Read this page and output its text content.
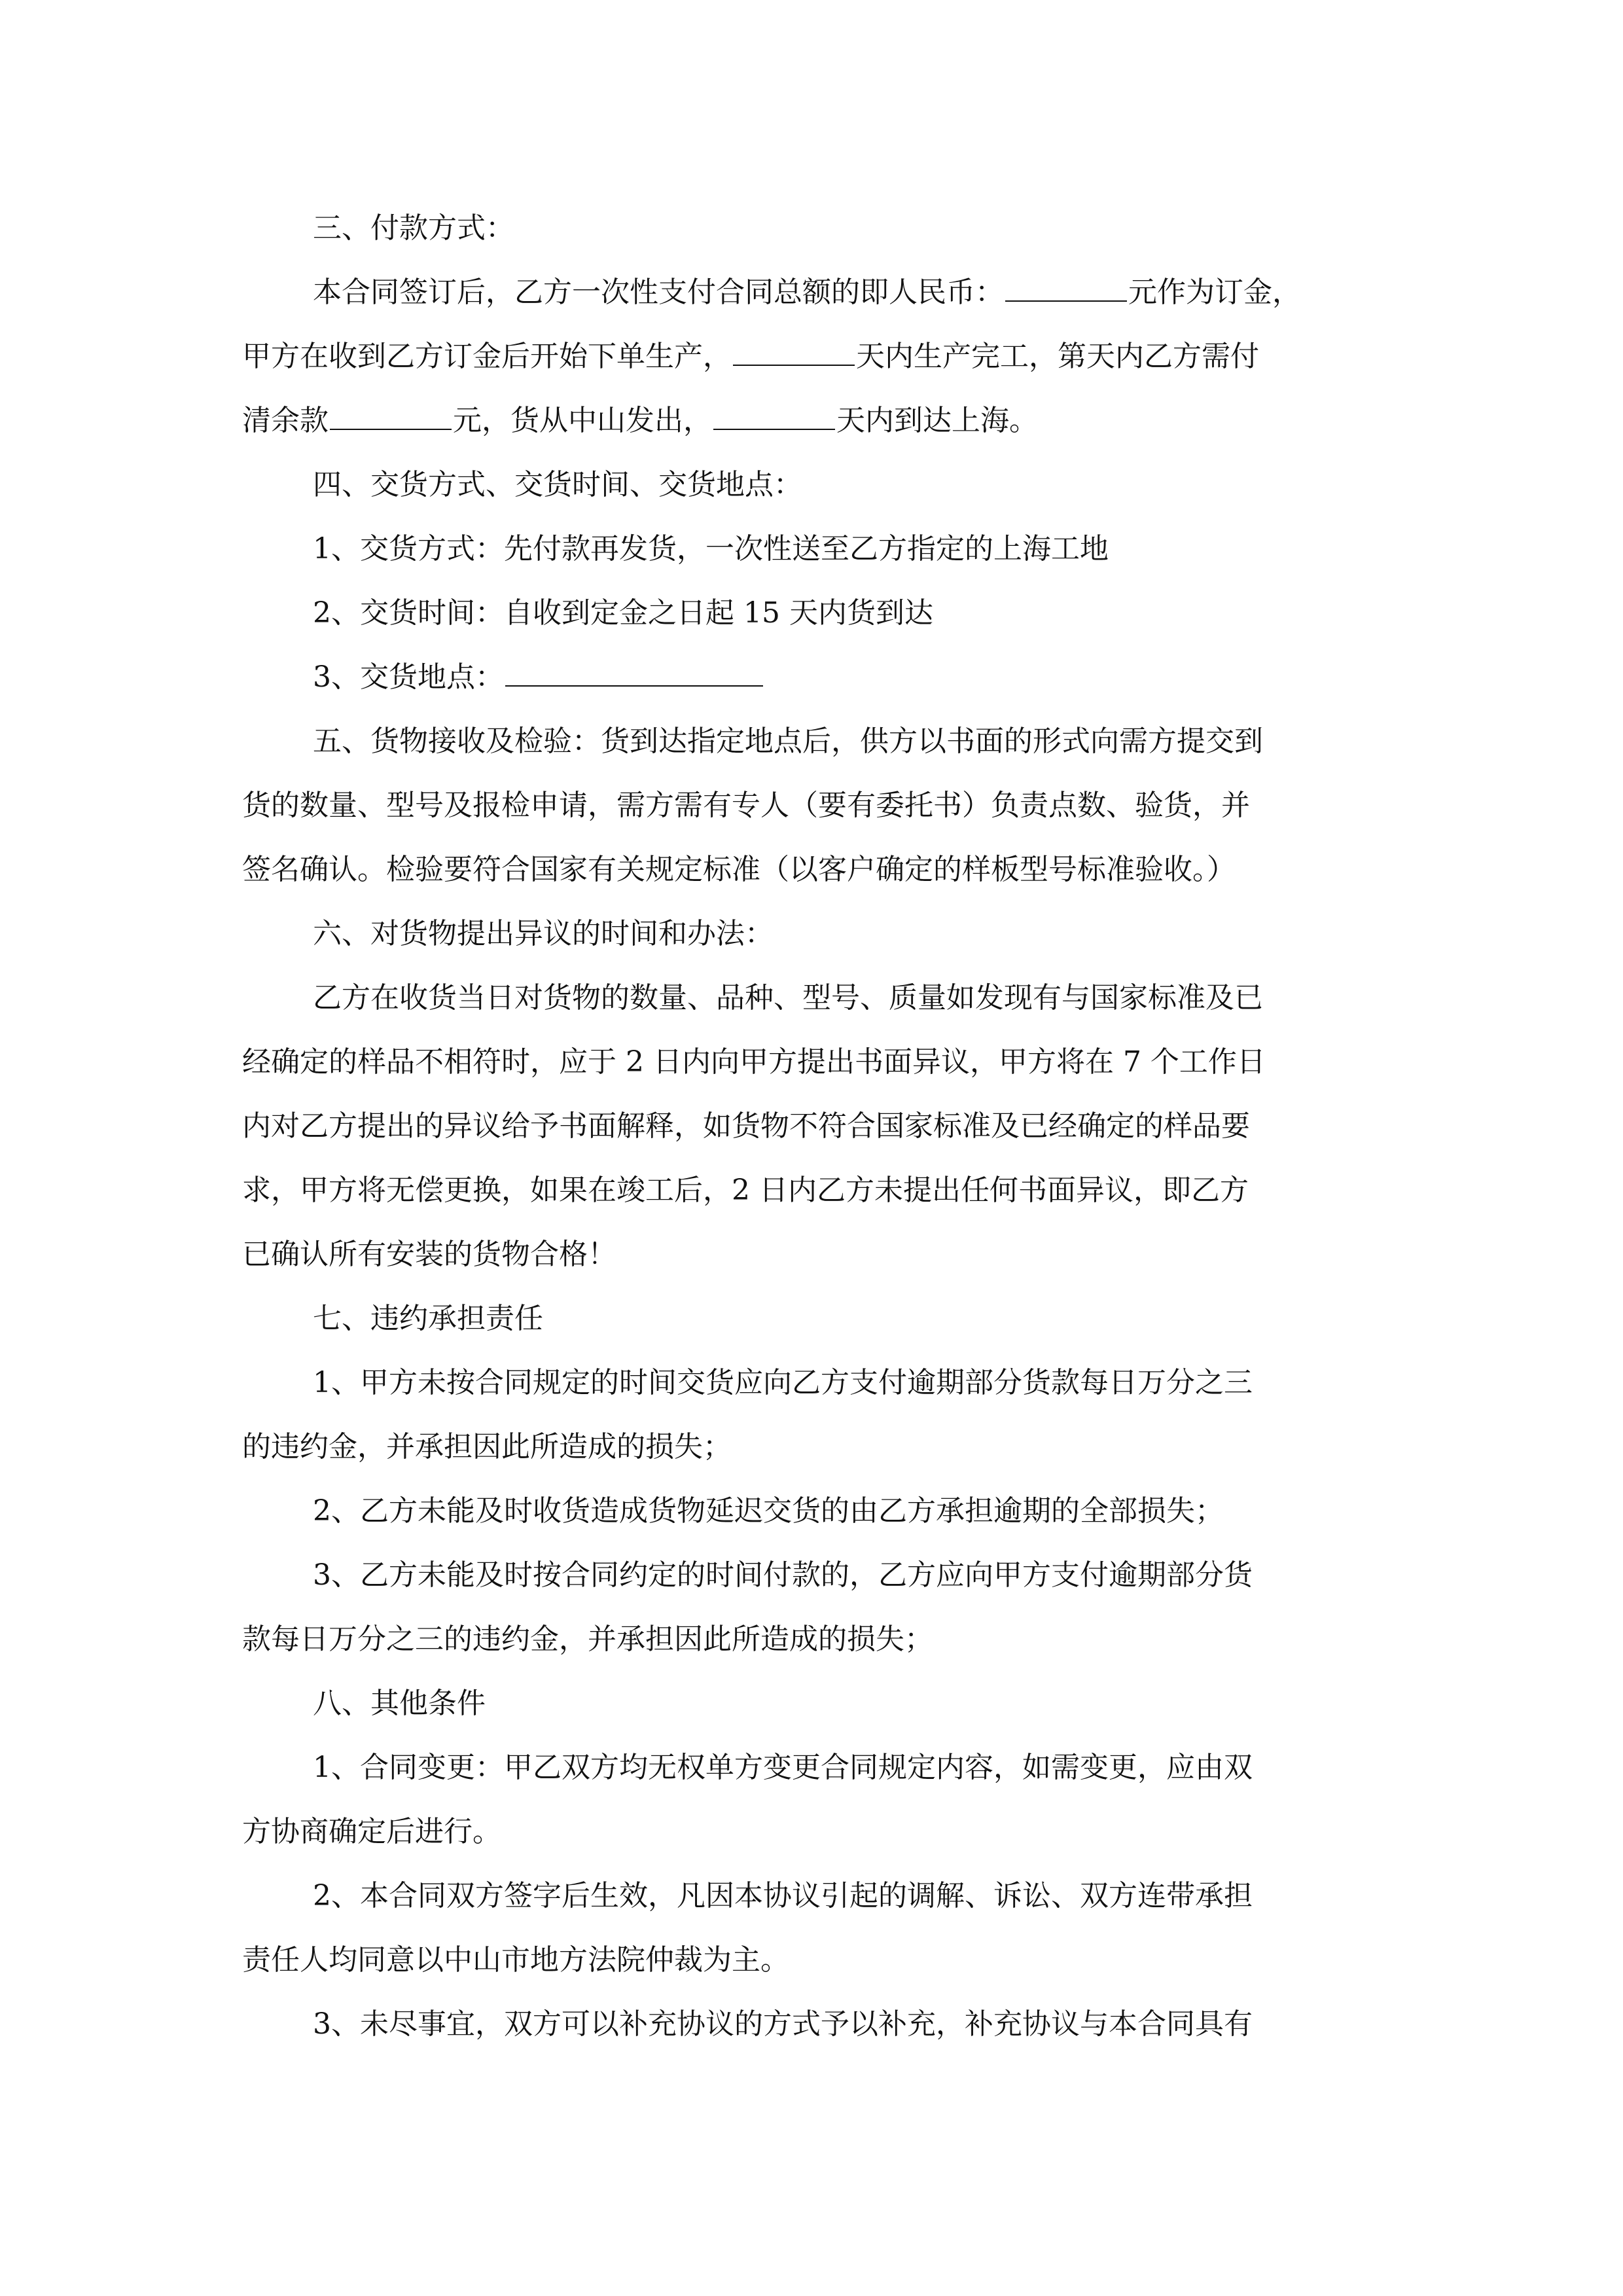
三、付款方式：
本合同签订后，乙方一次性支付合同总额的即人民币：	元作为订金，
甲方在收到乙方订金后开始下单生产，	天内生产完工，第天内乙方需付
清余款	元，货从中山发出，	天内到达上海。
四、交货方式、交货时间、交货地点：
1、交货方式：先付款再发货，一次性送至乙方指定的上海工地
2、交货时间：自收到定金之日起 15 天内货到达
3、交货地点：
五、货物接收及检验：货到达指定地点后，供方以书面的形式向需方提交到
货的数量、型号及报检申请，需方需有专人（要有委托书）负责点数、验货，并
签名确认。检验要符合国家有关规定标准（以客户确定的样板型号标准验收。）
六、对货物提出异议的时间和办法：
乙方在收货当日对货物的数量、品种、型号、质量如发现有与国家标准及已
经确定的样品不相符时，应于 2 日内向甲方提出书面异议，甲方将在 7 个工作日
内对乙方提出的异议给予书面解释，如货物不符合国家标准及已经确定的样品要
求，甲方将无偿更换，如果在竣工后，2 日内乙方未提出任何书面异议，即乙方
已确认所有安装的货物合格！
七、违约承担责任
1、甲方未按合同规定的时间交货应向乙方支付逾期部分货款每日万分之三
的违约金，并承担因此所造成的损失；
2、乙方未能及时收货造成货物延迟交货的由乙方承担逾期的全部损失；
3、乙方未能及时按合同约定的时间付款的，乙方应向甲方支付逾期部分货
款每日万分之三的违约金，并承担因此所造成的损失；
八、其他条件
1、合同变更：甲乙双方均无权单方变更合同规定内容，如需变更，应由双
方协商确定后进行。
2、本合同双方签字后生效，凡因本协议引起的调解、诉讼、双方连带承担
责任人均同意以中山市地方法院仲裁为主。
3、未尽事宜，双方可以补充协议的方式予以补充，补充协议与本合同具有
